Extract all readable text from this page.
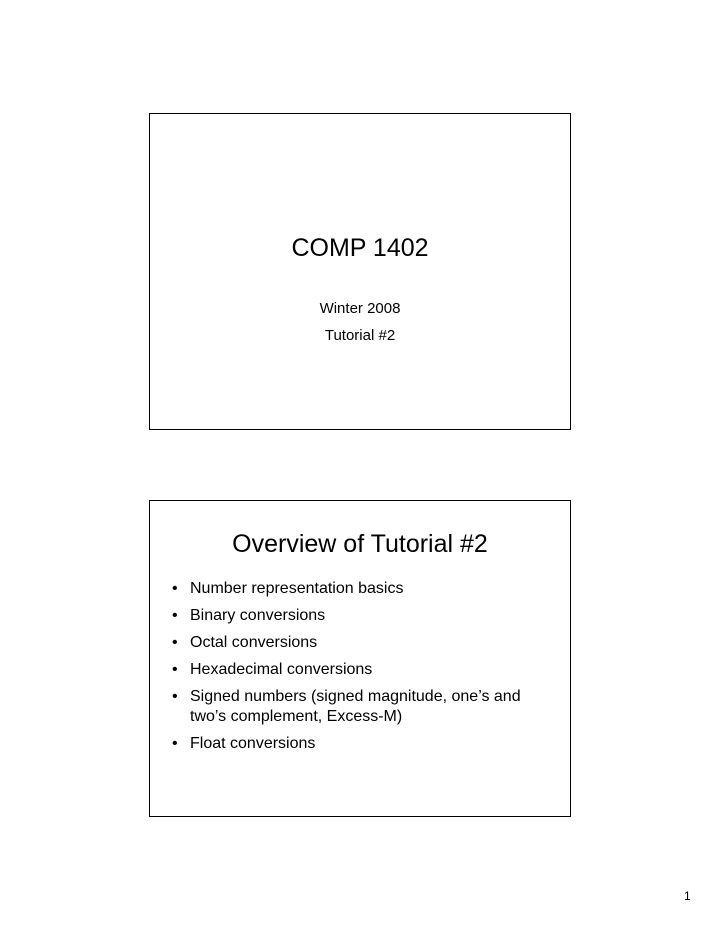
COMP 1402
Winter 2008
Tutorial #2
Overview of Tutorial #2
• Number representation basics
• Binary conversions
• Octal conversions
• Hexadecimal conversions
• Signed numbers (signed magnitude, one’s and two’s complement, Excess-M)
• Float conversions
1
